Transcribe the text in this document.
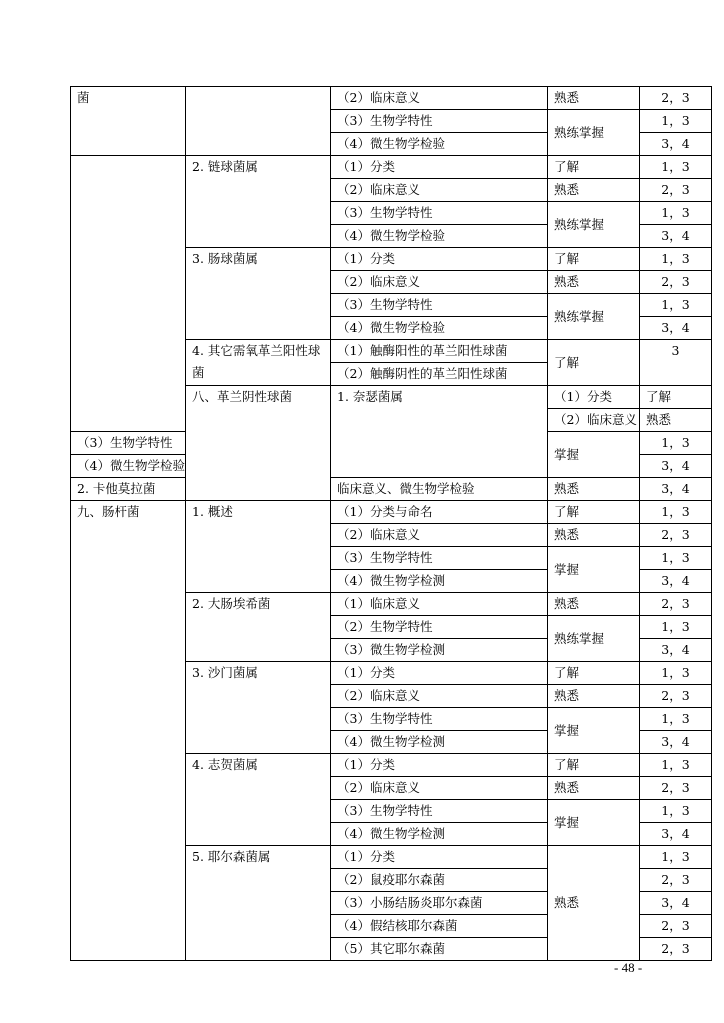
菌		（2）临床意义	熟悉	2，3	
		（3）生物学特性	熟练掌握	1，3	
		（4）微生物学检验		3，4	
	2. 链球菌属	（1）分类	了解	1，3	
		（2）临床意义	熟悉	2，3	
		（3）生物学特性	熟练掌握	1，3	
		（4）微生物学检验		3，4	
	3. 肠球菌属	（1）分类	了解	1，3	
		（2）临床意义	熟悉	2，3	
		（3）生物学特性	熟练掌握	1，3	
		（4）微生物学检验		3，4	
	4. 其它需氧革兰阳性球菌	（1）触酶阳性的革兰阳性球菌	了解	3	
		（2）触酶阴性的革兰阳性球菌			
	八、革兰阴性球菌	1. 奈瑟菌属	（1）分类	了解	
			（2）临床意义	熟悉	
（3）生物学特性			掌握	1，3	
（4）微生物学检验				3，4	
2. 卡他莫拉菌		临床意义、微生物学检验	熟悉	3，4	
九、肠杆菌	1. 概述	（1）分类与命名	了解	1，3	
		（2）临床意义	熟悉	2，3	
		（3）生物学特性	掌握	1，3	
		（4）微生物学检测		3，4	
	2. 大肠埃希菌	（1）临床意义	熟悉	2，3	
		（2）生物学特性	熟练掌握	1，3	
		（3）微生物学检测		3，4	
	3. 沙门菌属	（1）分类	了解	1，3	
		（2）临床意义	熟悉	2，3	
		（3）生物学特性	掌握	1，3	
		（4）微生物学检测		3，4	
	4. 志贺菌属	（1）分类	了解	1，3	
		（2）临床意义	熟悉	2，3	
		（3）生物学特性	掌握	1，3	
		（4）微生物学检测		3，4	
	5. 耶尔森菌属	（1）分类	熟悉	1，3	
		（2）鼠疫耶尔森菌		2，3	
		（3）小肠结肠炎耶尔森菌		3，4	
		（4）假结核耶尔森菌		2，3	
		（5）其它耶尔森菌		2，3	
- 48 -
